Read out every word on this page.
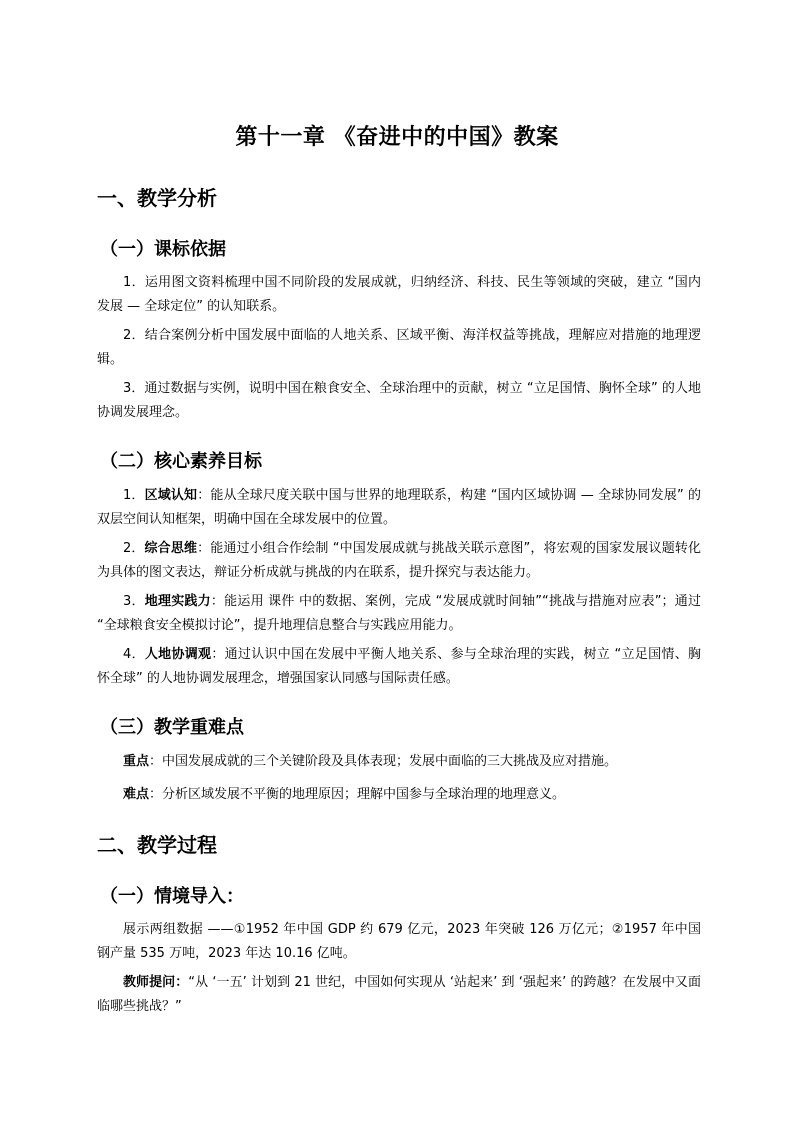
第十一章 《奋进中的中国》教案
一、教学分析
（一）课标依据
1．运用图文资料梳理中国不同阶段的发展成就，归纳经济、科技、民生等领域的突破，建立 “国内发展 — 全球定位” 的认知联系。
2．结合案例分析中国发展中面临的人地关系、区域平衡、海洋权益等挑战，理解应对措施的地理逻辑。
3．通过数据与实例，说明中国在粮食安全、全球治理中的贡献，树立 “立足国情、胸怀全球” 的人地协调发展理念。
（二）核心素养目标
1．区域认知：能从全球尺度关联中国与世界的地理联系，构建 “国内区域协调 — 全球协同发展” 的双层空间认知框架，明确中国在全球发展中的位置。
2．综合思维：能通过小组合作绘制 “中国发展成就与挑战关联示意图”，将宏观的国家发展议题转化为具体的图文表达，辩证分析成就与挑战的内在联系，提升探究与表达能力。
3．地理实践力：能运用 课件 中的数据、案例，完成 “发展成就时间轴”“挑战与措施对应表”；通过 “全球粮食安全模拟讨论”，提升地理信息整合与实践应用能力。
4．人地协调观：通过认识中国在发展中平衡人地关系、参与全球治理的实践，树立 “立足国情、胸怀全球” 的人地协调发展理念，增强国家认同感与国际责任感。
（三）教学重难点
重点：中国发展成就的三个关键阶段及具体表现；发展中面临的三大挑战及应对措施。
难点：分析区域发展不平衡的地理原因；理解中国参与全球治理的地理意义。
二、教学过程
（一）情境导入：
展示两组数据 ——①1952 年中国 GDP 约 679 亿元，2023 年突破 126 万亿元；②1957 年中国钢产量 535 万吨，2023 年达 10.16 亿吨。
教师提问：“从 ‘一五’ 计划到 21 世纪，中国如何实现从 ‘站起来’ 到 ‘强起来’ 的跨越？在发展中又面临哪些挑战？”
